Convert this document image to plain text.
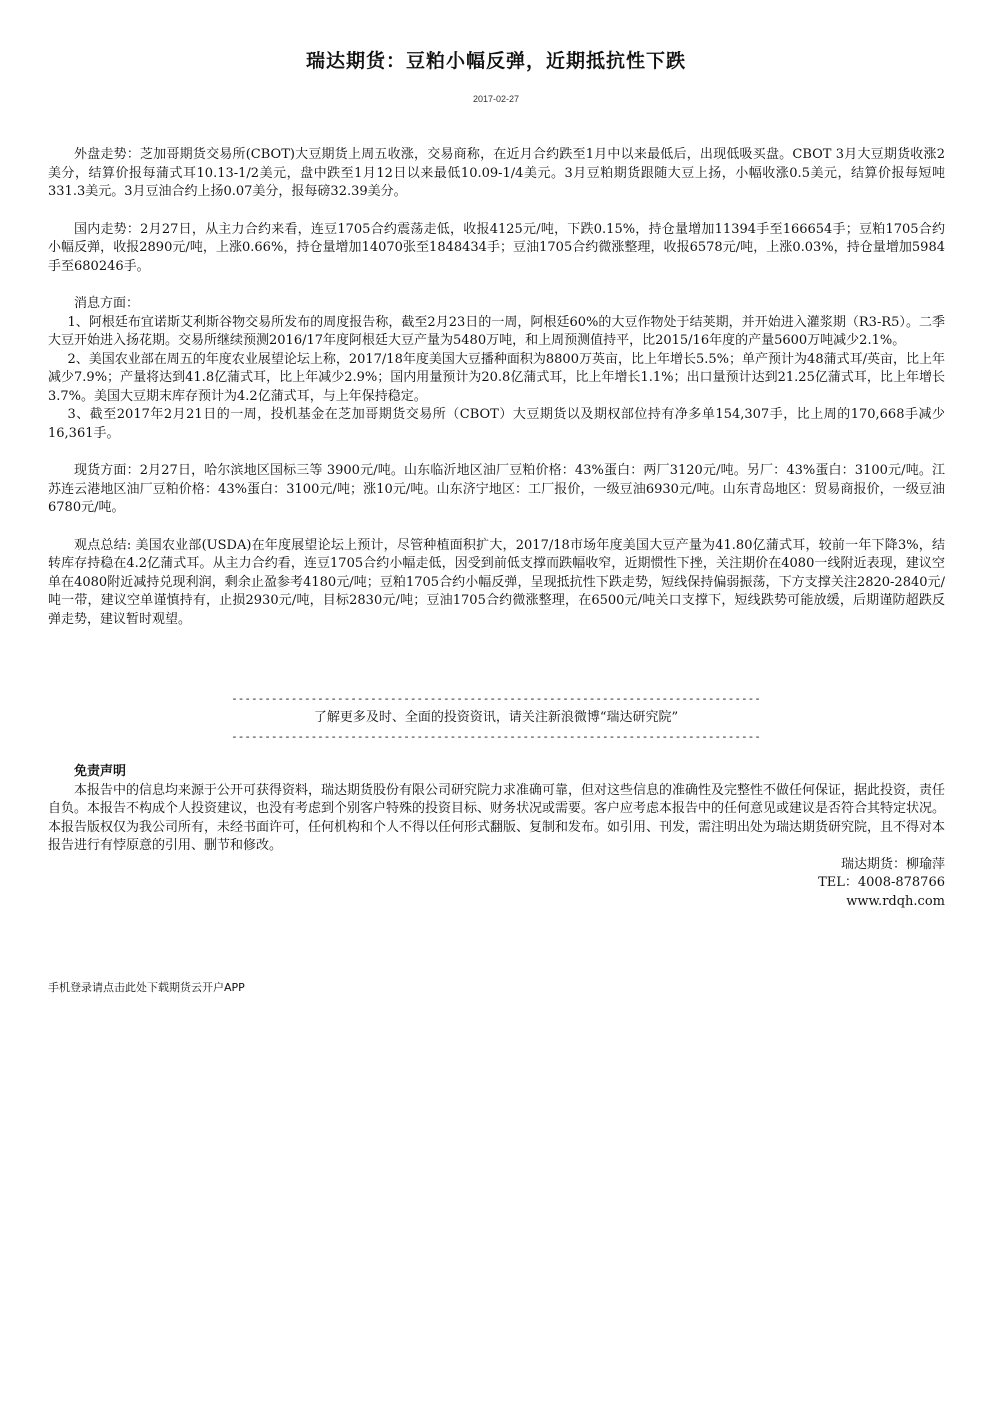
瑞达期货：豆粕小幅反弹，近期抵抗性下跌
2017-02-27

外盘走势：芝加哥期货交易所(CBOT)大豆期货上周五收涨，交易商称，在近月合约跌至1月中以来最低后，出现低吸买盘。CBOT 3月大豆期货收涨2美分，结算价报每蒲式耳10.13-1/2美元，盘中跌至1月12日以来最低10.09-1/4美元。3月豆粕期货跟随大豆上扬，小幅收涨0.5美元，结算价报每短吨331.3美元。3月豆油合约上扬0.07美分，报每磅32.39美分。

国内走势：2月27日，从主力合约来看，连豆1705合约震荡走低，收报4125元/吨，下跌0.15%，持仓量增加11394手至166654手；豆粕1705合约小幅反弹，收报2890元/吨，上涨0.66%，持仓量增加14070张至1848434手；豆油1705合约微涨整理，收报6578元/吨，上涨0.03%，持仓量增加5984手至680246手。

消息方面：

1、阿根廷布宜诺斯艾利斯谷物交易所发布的周度报告称，截至2月23日的一周，阿根廷60%的大豆作物处于结荚期，并开始进入灌浆期（R3-R5）。二季大豆开始进入扬花期。交易所继续预测2016/17年度阿根廷大豆产量为5480万吨，和上周预测值持平，比2015/16年度的产量5600万吨减少2.1%。

2、美国农业部在周五的年度农业展望论坛上称，2017/18年度美国大豆播种面积为8800万英亩，比上年增长5.5%；单产预计为48蒲式耳/英亩，比上年减少7.9%；产量将达到41.8亿蒲式耳，比上年减少2.9%；国内用量预计为20.8亿蒲式耳，比上年增长1.1%；出口量预计达到21.25亿蒲式耳，比上年增长3.7%。美国大豆期末库存预计为4.2亿蒲式耳，与上年保持稳定。

3、截至2017年2月21日的一周，投机基金在芝加哥期货交易所（CBOT）大豆期货以及期权部位持有净多单154,307手，比上周的170,668手减少16,361手。

现货方面：2月27日，哈尔滨地区国标三等 3900元/吨。山东临沂地区油厂豆粕价格：43%蛋白：两厂3120元/吨。另厂：43%蛋白：3100元/吨。江苏连云港地区油厂豆粕价格：43%蛋白：3100元/吨；涨10元/吨。山东济宁地区：工厂报价，一级豆油6930元/吨。山东青岛地区：贸易商报价，一级豆油6780元/吨。

观点总结: 美国农业部(USDA)在年度展望论坛上预计，尽管种植面积扩大，2017/18市场年度美国大豆产量为41.80亿蒲式耳，较前一年下降3%，结转库存持稳在4.2亿蒲式耳。从主力合约看，连豆1705合约小幅走低，因受到前低支撑而跌幅收窄，近期惯性下挫，关注期价在4080一线附近表现，建议空单在4080附近减持兑现利润，剩余止盈参考4180元/吨；豆粕1705合约小幅反弹，呈现抵抗性下跌走势，短线保持偏弱振荡，下方支撑关注2820-2840元/吨一带，建议空单谨慎持有，止损2930元/吨，目标2830元/吨；豆油1705合约微涨整理，在6500元/吨关口支撑下，短线跌势可能放缓，后期谨防超跌反弹走势，建议暂时观望。

--------------------------------------------------------------------------------
了解更多及时、全面的投资资讯，请关注新浪微博“瑞达研究院”
--------------------------------------------------------------------------------

免责声明

本报告中的信息均来源于公开可获得资料，瑞达期货股份有限公司研究院力求准确可靠，但对这些信息的准确性及完整性不做任何保证，据此投资，责任自负。本报告不构成个人投资建议，也没有考虑到个别客户特殊的投资目标、财务状况或需要。客户应考虑本报告中的任何意见或建议是否符合其特定状况。本报告版权仅为我公司所有，未经书面许可，任何机构和个人不得以任何形式翻版、复制和发布。如引用、刊发，需注明出处为瑞达期货研究院，且不得对本报告进行有悖原意的引用、删节和修改。

瑞达期货：柳瑜萍

TEL：4008-878766

www.rdqh.com

手机登录请点击此处下载期货云开户APP
